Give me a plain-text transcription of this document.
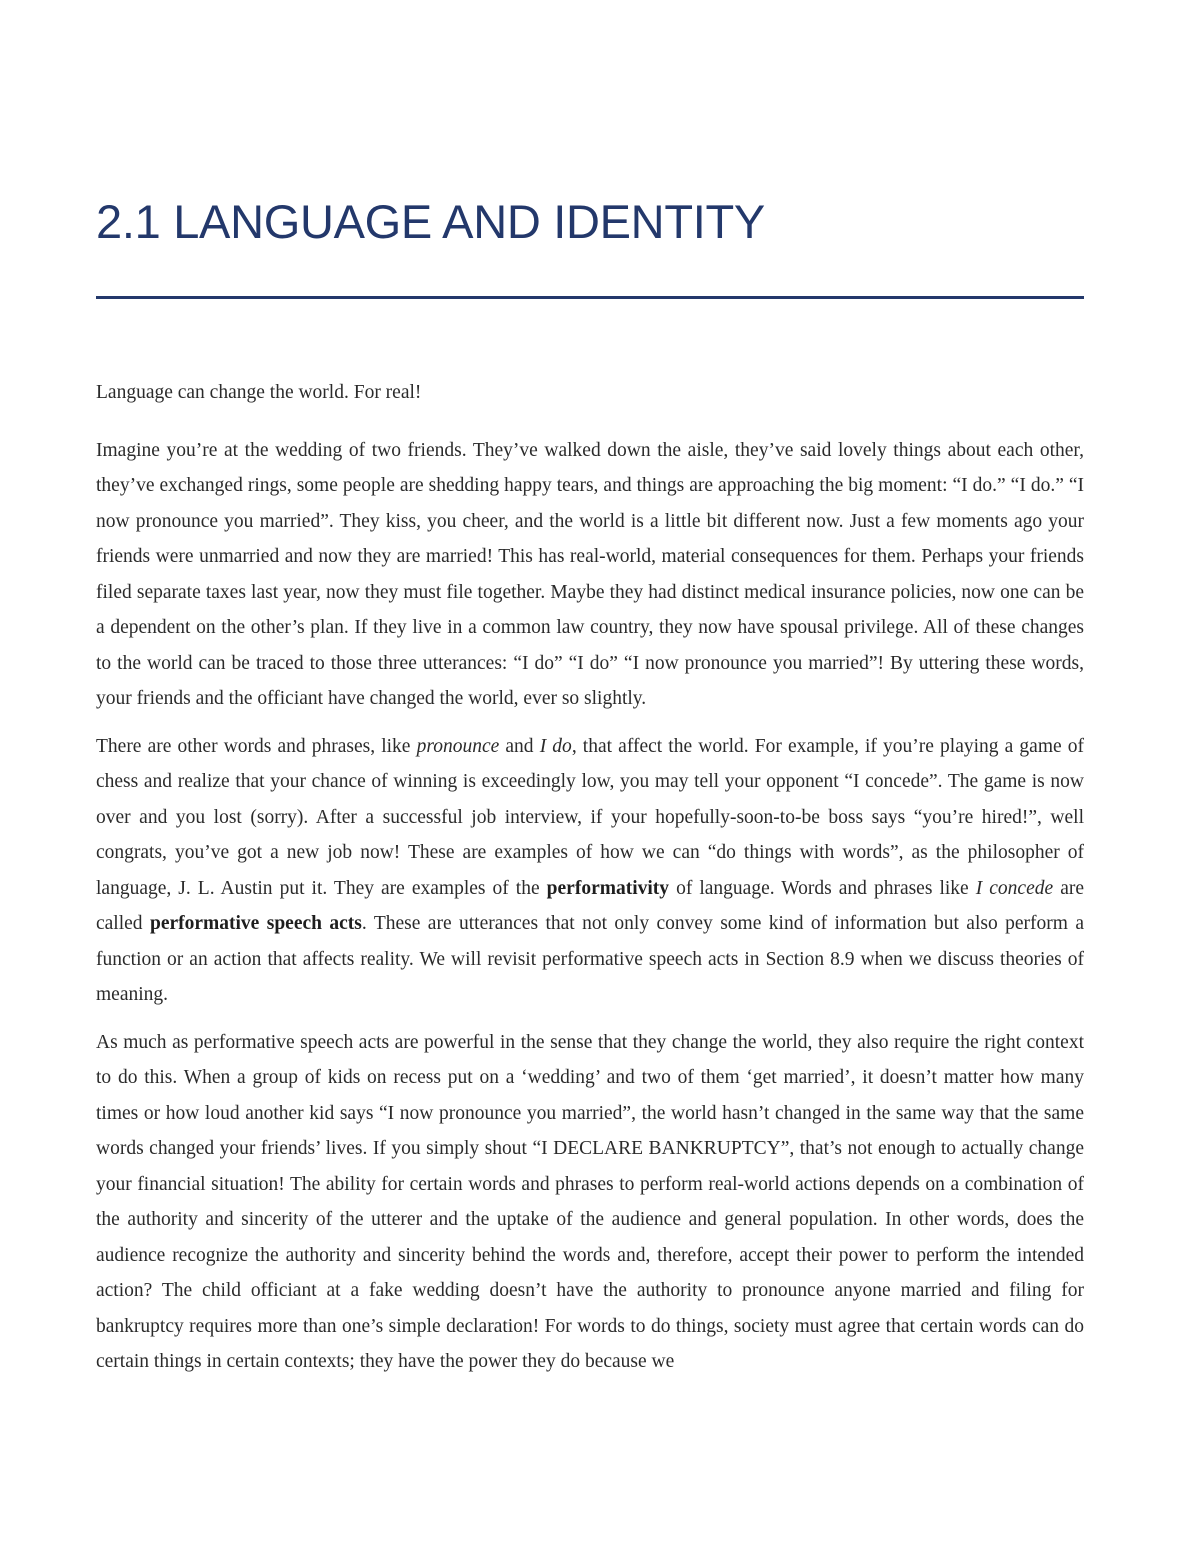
2.1 LANGUAGE AND IDENTITY

Language can change the world. For real!

Imagine you’re at the wedding of two friends. They’ve walked down the aisle, they’ve said lovely things about each other, they’ve exchanged rings, some people are shedding happy tears, and things are approaching the big moment: “I do.” “I do.” “I now pronounce you married”. They kiss, you cheer, and the world is a little bit different now. Just a few moments ago your friends were unmarried and now they are married! This has real-world, material consequences for them. Perhaps your friends filed separate taxes last year, now they must file together. Maybe they had distinct medical insurance policies, now one can be a dependent on the other’s plan. If they live in a common law country, they now have spousal privilege. All of these changes to the world can be traced to those three utterances: “I do” “I do” “I now pronounce you married”! By uttering these words, your friends and the officiant have changed the world, ever so slightly.

There are other words and phrases, like pronounce and I do, that affect the world. For example, if you’re playing a game of chess and realize that your chance of winning is exceedingly low, you may tell your opponent “I concede”. The game is now over and you lost (sorry). After a successful job interview, if your hopefully-soon-to-be boss says “you’re hired!”, well congrats, you’ve got a new job now! These are examples of how we can “do things with words”, as the philosopher of language, J. L. Austin put it. They are examples of the performativity of language. Words and phrases like I concede are called performative speech acts. These are utterances that not only convey some kind of information but also perform a function or an action that affects reality. We will revisit performative speech acts in Section 8.9 when we discuss theories of meaning.

As much as performative speech acts are powerful in the sense that they change the world, they also require the right context to do this. When a group of kids on recess put on a ‘wedding’ and two of them ‘get married’, it doesn’t matter how many times or how loud another kid says “I now pronounce you married”, the world hasn’t changed in the same way that the same words changed your friends’ lives. If you simply shout “I DECLARE BANKRUPTCY”, that’s not enough to actually change your financial situation! The ability for certain words and phrases to perform real-world actions depends on a combination of the authority and sincerity of the utterer and the uptake of the audience and general population. In other words, does the audience recognize the authority and sincerity behind the words and, therefore, accept their power to perform the intended action? The child officiant at a fake wedding doesn’t have the authority to pronounce anyone married and filing for bankruptcy requires more than one’s simple declaration! For words to do things, society must agree that certain words can do certain things in certain contexts; they have the power they do because we
